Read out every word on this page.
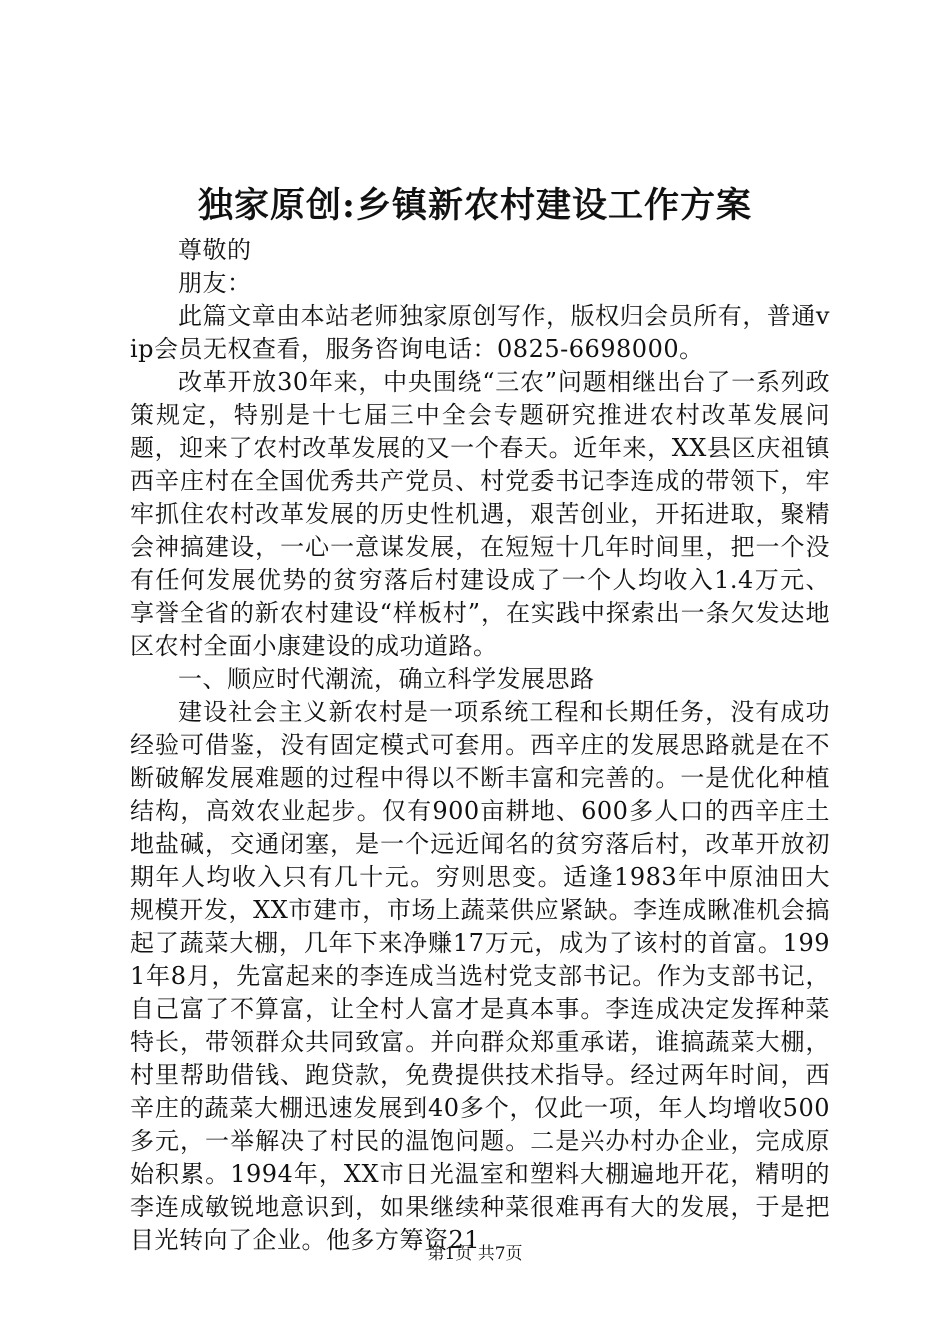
独家原创:乡镇新农村建设工作方案

尊敬的

朋友：

此篇文章由本站老师独家原创写作，版权归会员所有，普通vip会员无权查看，服务咨询电话：0825-6698000。

改革开放30年来，中央围绕“三农”问题相继出台了一系列政策规定，特别是十七届三中全会专题研究推进农村改革发展问题，迎来了农村改革发展的又一个春天。近年来，XX县区庆祖镇西辛庄村在全国优秀共产党员、村党委书记李连成的带领下，牢牢抓住农村改革发展的历史性机遇，艰苦创业，开拓进取，聚精会神搞建设，一心一意谋发展，在短短十几年时间里，把一个没有任何发展优势的贫穷落后村建设成了一个人均收入1.4万元、享誉全省的新农村建设“样板村”，在实践中探索出一条欠发达地区农村全面小康建设的成功道路。

一、顺应时代潮流，确立科学发展思路

建设社会主义新农村是一项系统工程和长期任务，没有成功经验可借鉴，没有固定模式可套用。西辛庄的发展思路就是在不断破解发展难题的过程中得以不断丰富和完善的。一是优化种植结构，高效农业起步。仅有900亩耕地、600多人口的西辛庄土地盐碱，交通闭塞，是一个远近闻名的贫穷落后村，改革开放初期年人均收入只有几十元。穷则思变。适逢1983年中原油田大规模开发，XX市建市，市场上蔬菜供应紧缺。李连成瞅准机会搞起了蔬菜大棚，几年下来净赚17万元，成为了该村的首富。1991年8月，先富起来的李连成当选村党支部书记。作为支部书记，自己富了不算富，让全村人富才是真本事。李连成决定发挥种菜特长，带领群众共同致富。并向群众郑重承诺，谁搞蔬菜大棚，村里帮助借钱、跑贷款，免费提供技术指导。经过两年时间，西辛庄的蔬菜大棚迅速发展到40多个，仅此一项，年人均增收500多元，一举解决了村民的温饱问题。二是兴办村办企业，完成原始积累。1994年，XX市日光温室和塑料大棚遍地开花，精明的李连成敏锐地意识到，如果继续种菜很难再有大的发展，于是把目光转向了企业。他多方筹资21

第1页 共7页
